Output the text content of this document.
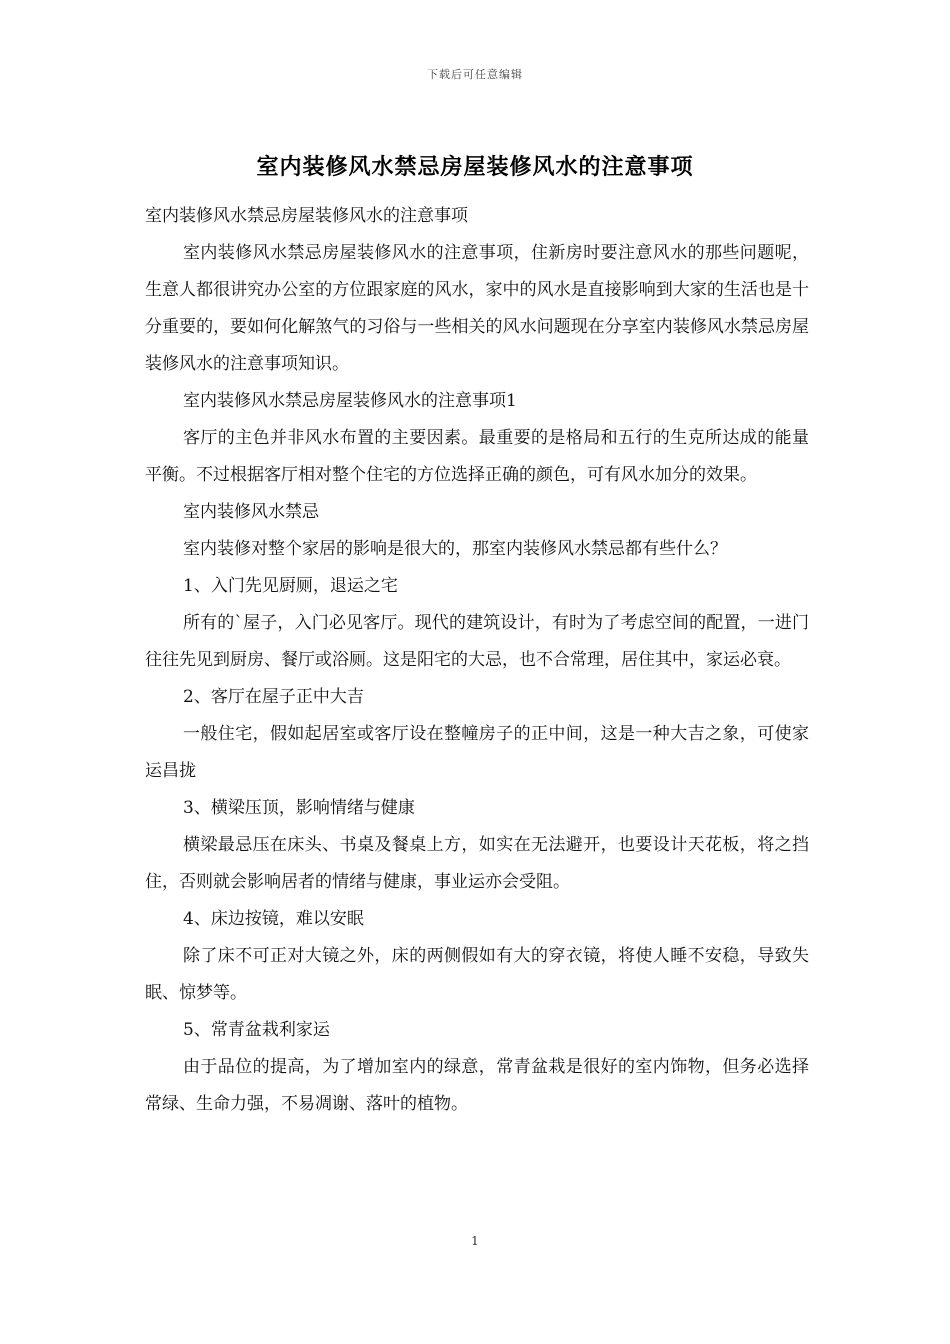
下载后可任意编辑
室内装修风水禁忌房屋装修风水的注意事项

室内装修风水禁忌房屋装修风水的注意事项

室内装修风水禁忌房屋装修风水的注意事项，住新房时要注意风水的那些问题呢，生意人都很讲究办公室的方位跟家庭的风水，家中的风水是直接影响到大家的生活也是十分重要的，要如何化解煞气的习俗与一些相关的风水问题现在分享室内装修风水禁忌房屋装修风水的注意事项知识。

室内装修风水禁忌房屋装修风水的注意事项1

客厅的主色并非风水布置的主要因素。最重要的是格局和五行的生克所达成的能量平衡。不过根据客厅相对整个住宅的方位选择正确的颜色，可有风水加分的效果。

室内装修风水禁忌

室内装修对整个家居的影响是很大的，那室内装修风水禁忌都有些什么？

1、入门先见厨厕，退运之宅

所有的`屋子，入门必见客厅。现代的建筑设计，有时为了考虑空间的配置，一进门往往先见到厨房、餐厅或浴厕。这是阳宅的大忌，也不合常理，居住其中，家运必衰。

2、客厅在屋子正中大吉

一般住宅，假如起居室或客厅设在整幢房子的正中间，这是一种大吉之象，可使家运昌拢

3、横梁压顶，影响情绪与健康

横梁最忌压在床头、书桌及餐桌上方，如实在无法避开，也要设计天花板，将之挡住，否则就会影响居者的情绪与健康，事业运亦会受阻。

4、床边按镜，难以安眠

除了床不可正对大镜之外，床的两侧假如有大的穿衣镜，将使人睡不安稳，导致失眠、惊梦等。

5、常青盆栽利家运

由于品位的提高，为了增加室内的绿意，常青盆栽是很好的室内饰物，但务必选择常绿、生命力强，不易凋谢、落叶的植物。

1
